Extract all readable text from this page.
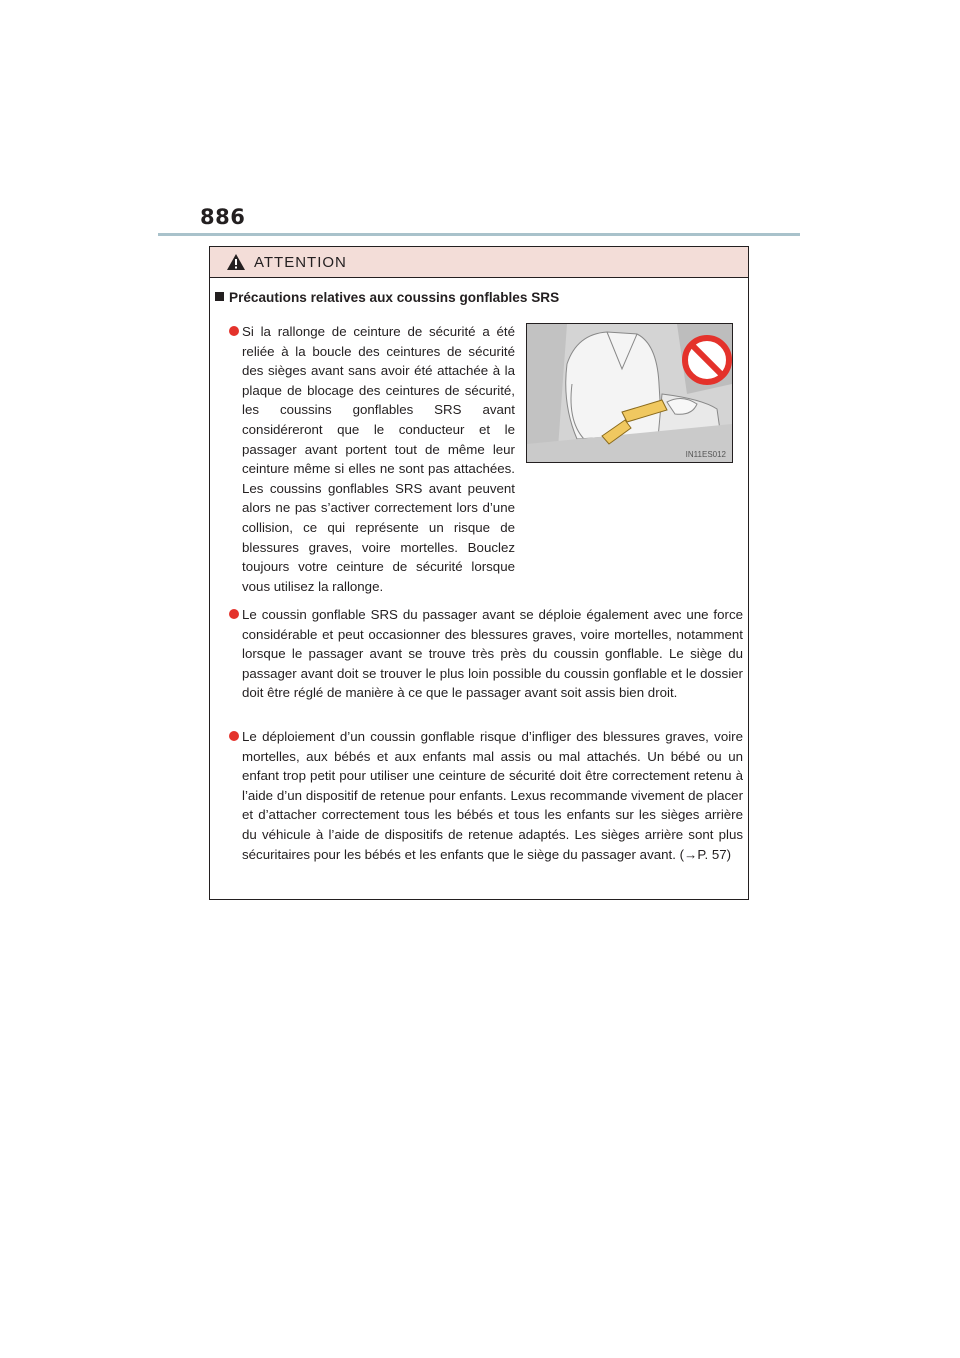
886
ATTENTION
Précautions relatives aux coussins gonflables SRS
Si la rallonge de ceinture de sécurité a été reliée à la boucle des ceintures de sécurité des sièges avant sans avoir été attachée à la plaque de blocage des ceintures de sécurité, les coussins gonflables SRS avant considéreront que le conducteur et le passager avant portent tout de même leur ceinture même si elles ne sont pas attachées. Les coussins gonflables SRS avant peuvent alors ne pas s’activer correctement lors d’une collision, ce qui représente un risque de blessures graves, voire mortelles. Bouclez toujours votre ceinture de sécurité lorsque vous utilisez la rallonge.
IN11ES012
Le coussin gonflable SRS du passager avant se déploie également avec une force considérable et peut occasionner des blessures graves, voire mortelles, notamment lorsque le passager avant se trouve très près du coussin gonflable. Le siège du passager avant doit se trouver le plus loin possible du coussin gonflable et le dossier doit être réglé de manière à ce que le passager avant soit assis bien droit.
Le déploiement d’un coussin gonflable risque d’infliger des blessures graves, voire mortelles, aux bébés et aux enfants mal assis ou mal attachés. Un bébé ou un enfant trop petit pour utiliser une ceinture de sécurité doit être correctement retenu à l’aide d’un dispositif de retenue pour enfants. Lexus recommande vivement de placer et d’attacher correctement tous les bébés et tous les enfants sur les sièges arrière du véhicule à l’aide de dispositifs de retenue adaptés. Les sièges arrière sont plus sécuritaires pour les bébés et les enfants que le siège du passager avant. (→P. 57)
